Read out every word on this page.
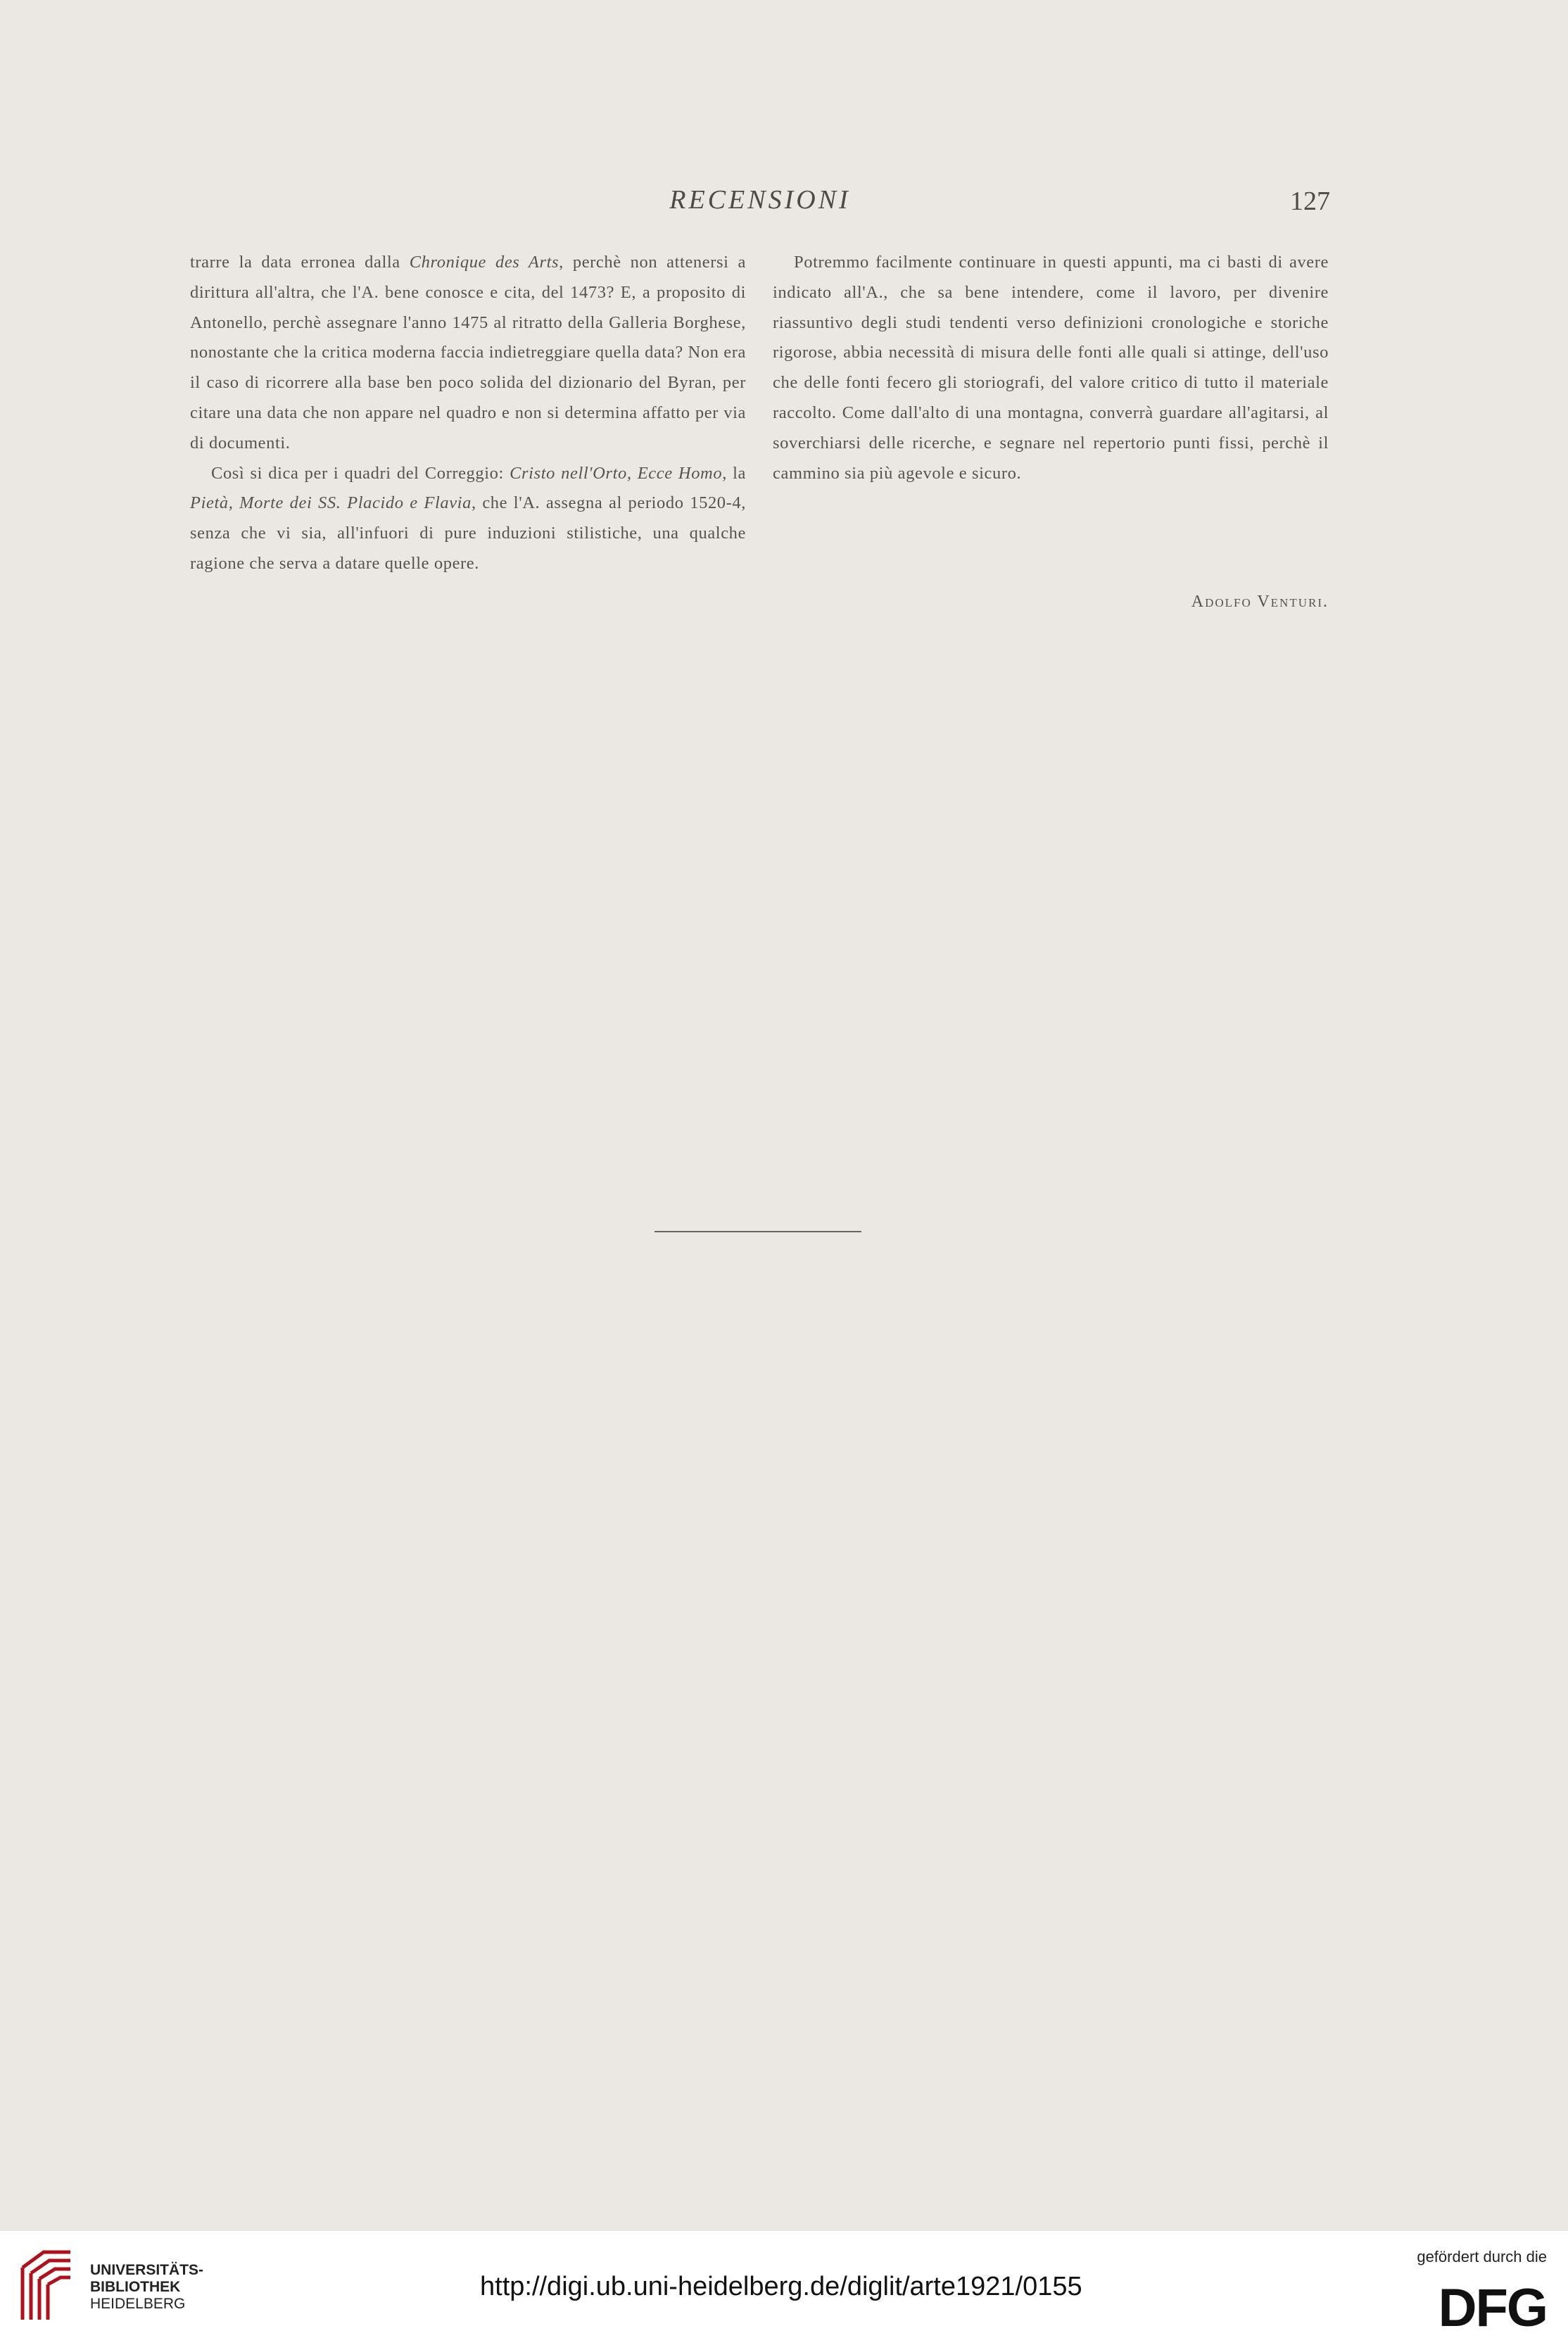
RECENSIONI	127

trarre la data erronea dalla Chronique des Arts, perchè non attenersi a dirittura all'altra, che l'A. bene conosce e cita, del 1473? E, a proposito di Antonello, perchè assegnare l'anno 1475 al ritratto della Galleria Borghese, nonostante che la critica moderna faccia indietreggiare quella data? Non era il caso di ricorrere alla base ben poco solida del dizionario del Byran, per citare una data che non appare nel quadro e non si determina affatto per via di documenti.

Così si dica per i quadri del Correggio: Cristo nell'Orto, Ecce Homo, la Pietà, Morte dei SS. Placido e Flavia, che l'A. assegna al periodo 1520-4, senza che vi sia, all'infuori di pure induzioni stilistiche, una qualche ragione che serva a datare quelle opere.

Potremmo facilmente continuare in questi appunti, ma ci basti di avere indicato all'A., che sa bene intendere, come il lavoro, per divenire riassuntivo degli studi tendenti verso definizioni cronologiche e storiche rigorose, abbia necessità di misura delle fonti alle quali si attinge, dell'uso che delle fonti fecero gli storiografi, del valore critico di tutto il materiale raccolto. Come dall'alto di una montagna, converrà guardare all'agitarsi, al soverchiarsi delle ricerche, e segnare nel repertorio punti fissi, perchè il cammino sia più agevole e sicuro.

Adolfo Venturi.
UNIVERSITÄTS-
BIBLIOTHEK
HEIDELBERG
http://digi.ub.uni-heidelberg.de/diglit/arte1921/0155
gefördert durch die
DFG
